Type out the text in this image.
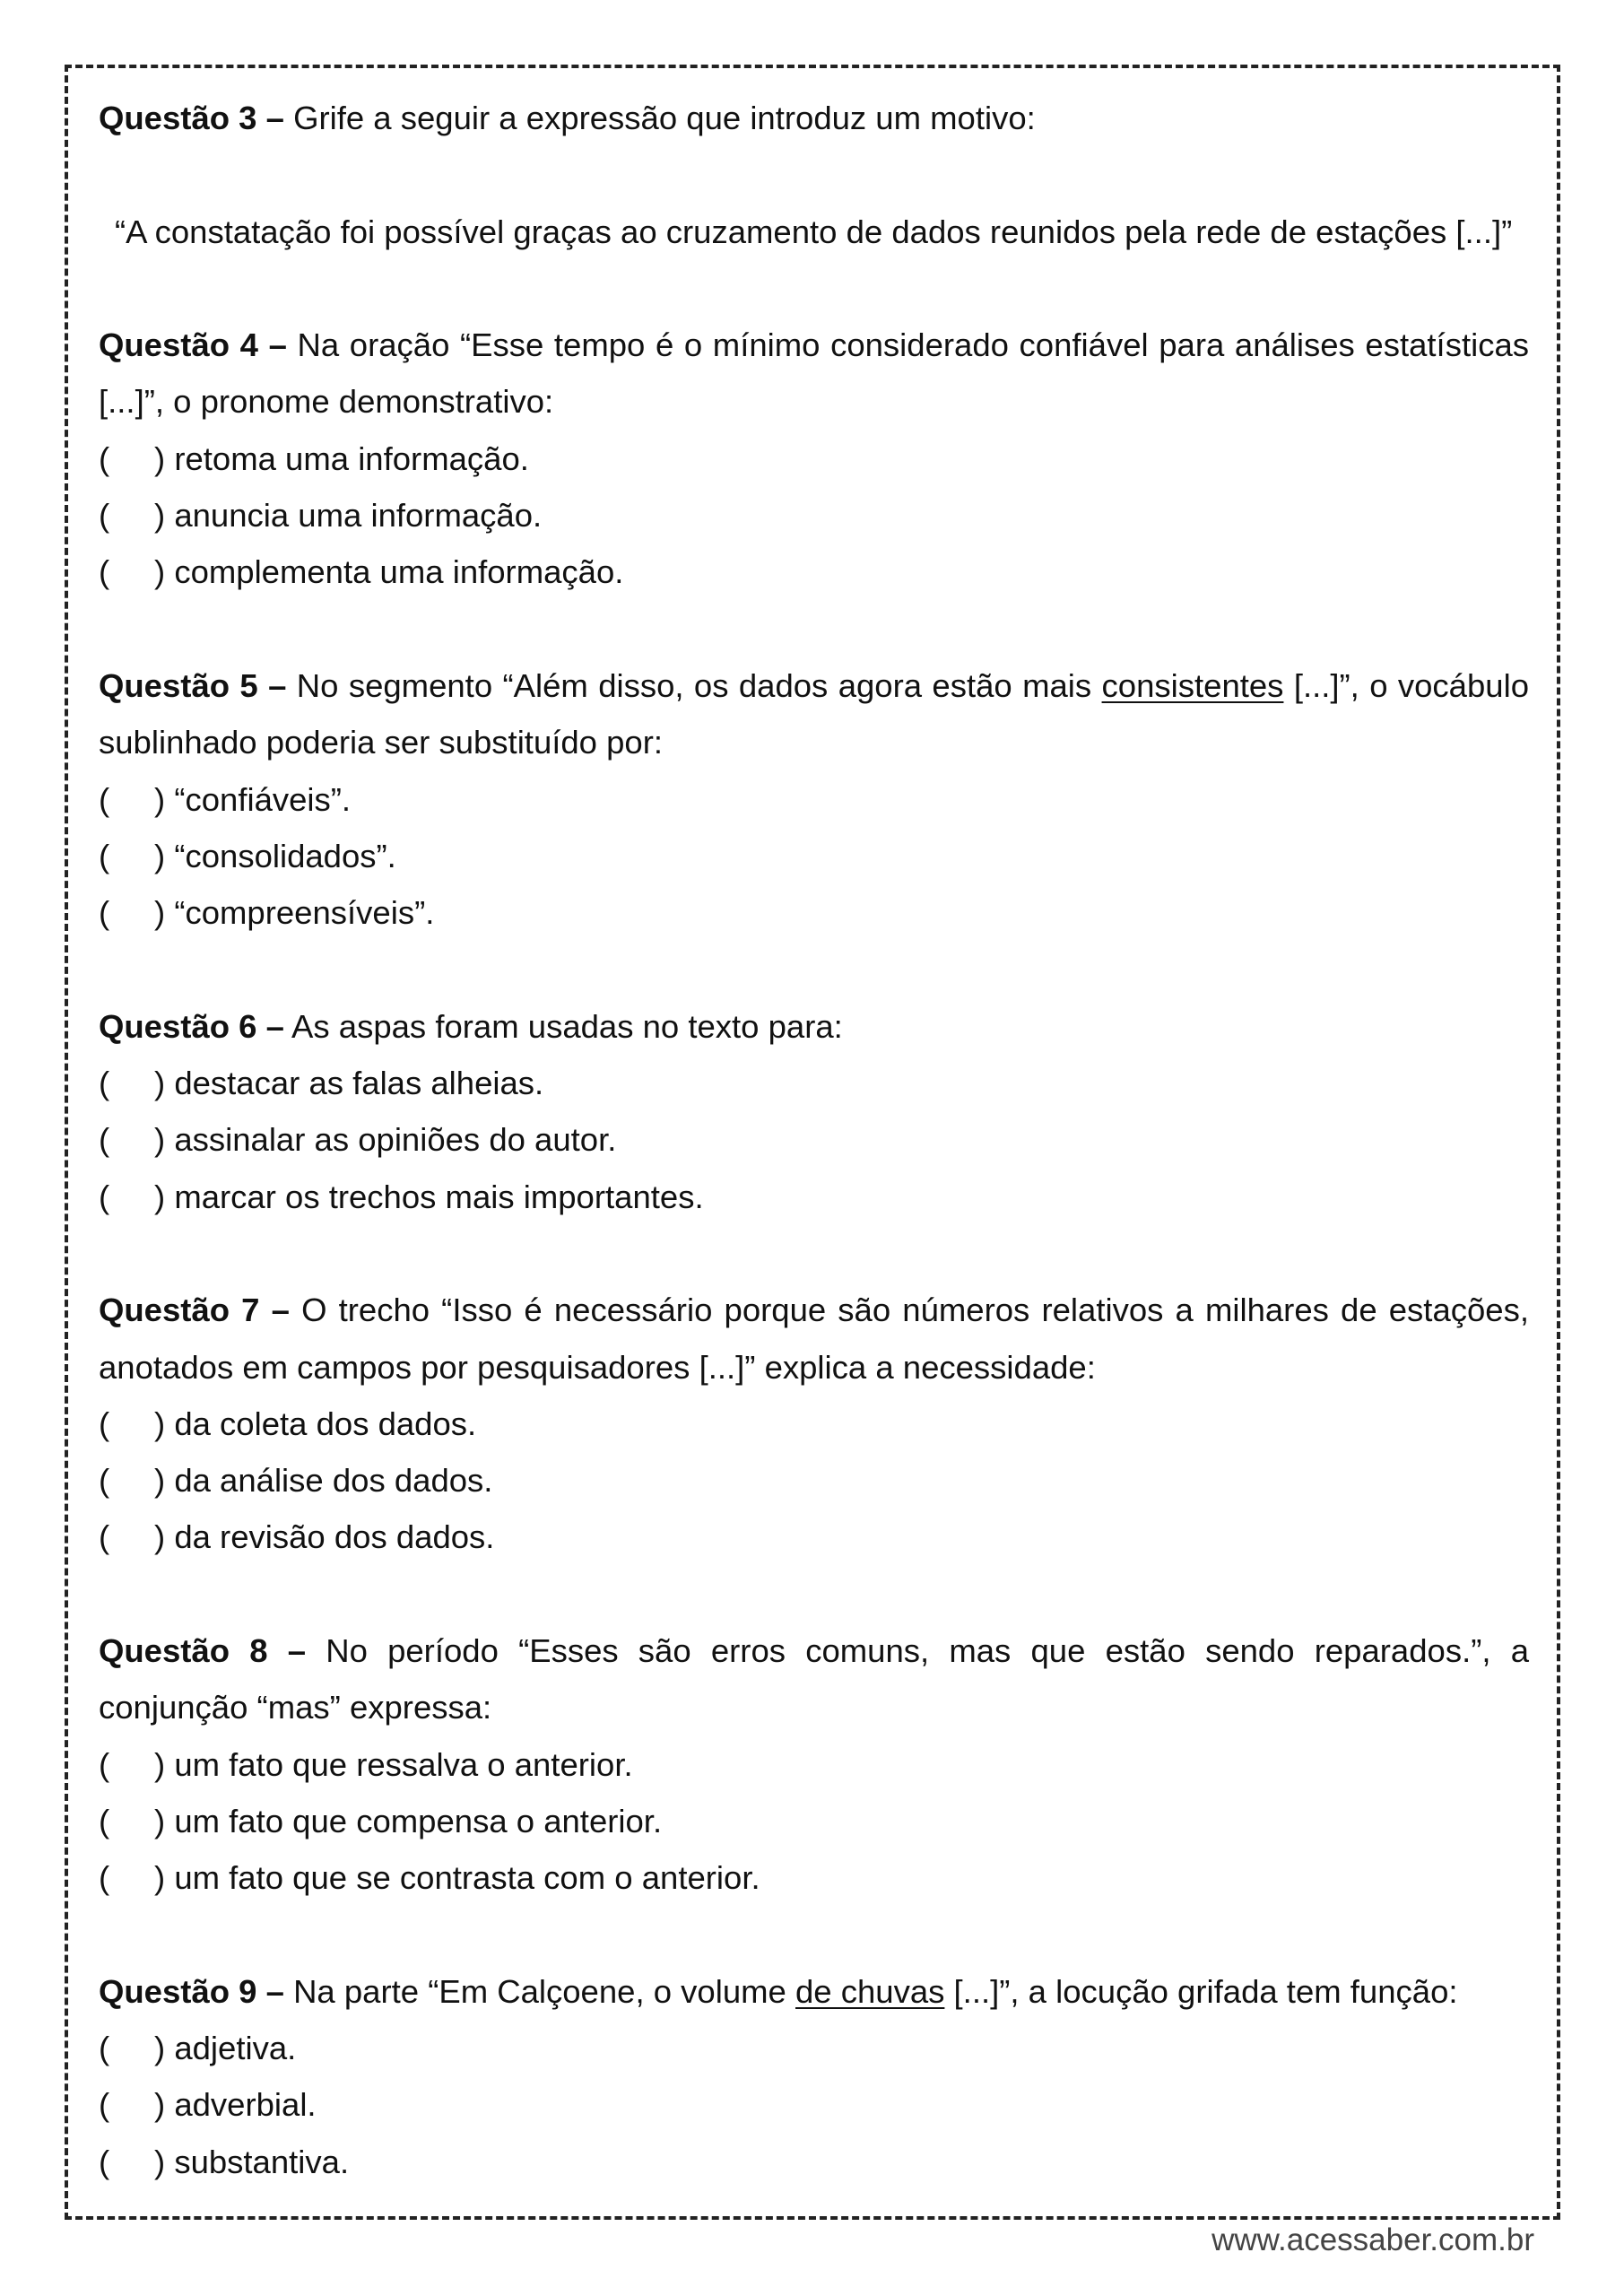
Questão 3 – Grife a seguir a expressão que introduz um motivo:
“A constatação foi possível graças ao cruzamento de dados reunidos pela rede de estações [...]”
Questão 4 – Na oração “Esse tempo é o mínimo considerado confiável para análises estatísticas [...]”, o pronome demonstrativo:
(	)
retoma uma informação.
(	)
anuncia uma informação.
(	)
complementa uma informação.
Questão 5 – No segmento “Além disso, os dados agora estão mais consistentes [...]”, o vocábulo sublinhado poderia ser substituído por:
(	)
“confiáveis”.
(	)
“consolidados”.
(	)
“compreensíveis”.
Questão 6 – As aspas foram usadas no texto para:
(	)
destacar as falas alheias.
(	)
assinalar as opiniões do autor.
(	)
marcar os trechos mais importantes.
Questão 7 – O trecho “Isso é necessário porque são números relativos a milhares de estações, anotados em campos por pesquisadores [...]” explica a necessidade:
(	)
da coleta dos dados.
(	)
da análise dos dados.
(	)
da revisão dos dados.
Questão 8 – No período “Esses são erros comuns, mas que estão sendo reparados.”, a conjunção “mas” expressa:
(	)
um fato que ressalva o anterior.
(	)
um fato que compensa o anterior.
(	)
um fato que se contrasta com o anterior.
Questão 9 – Na parte “Em Calçoene, o volume de chuvas [...]”, a locução grifada tem função:
(	)
adjetiva.
(	)
adverbial.
(	)
substantiva.
www.acessaber.com.br
